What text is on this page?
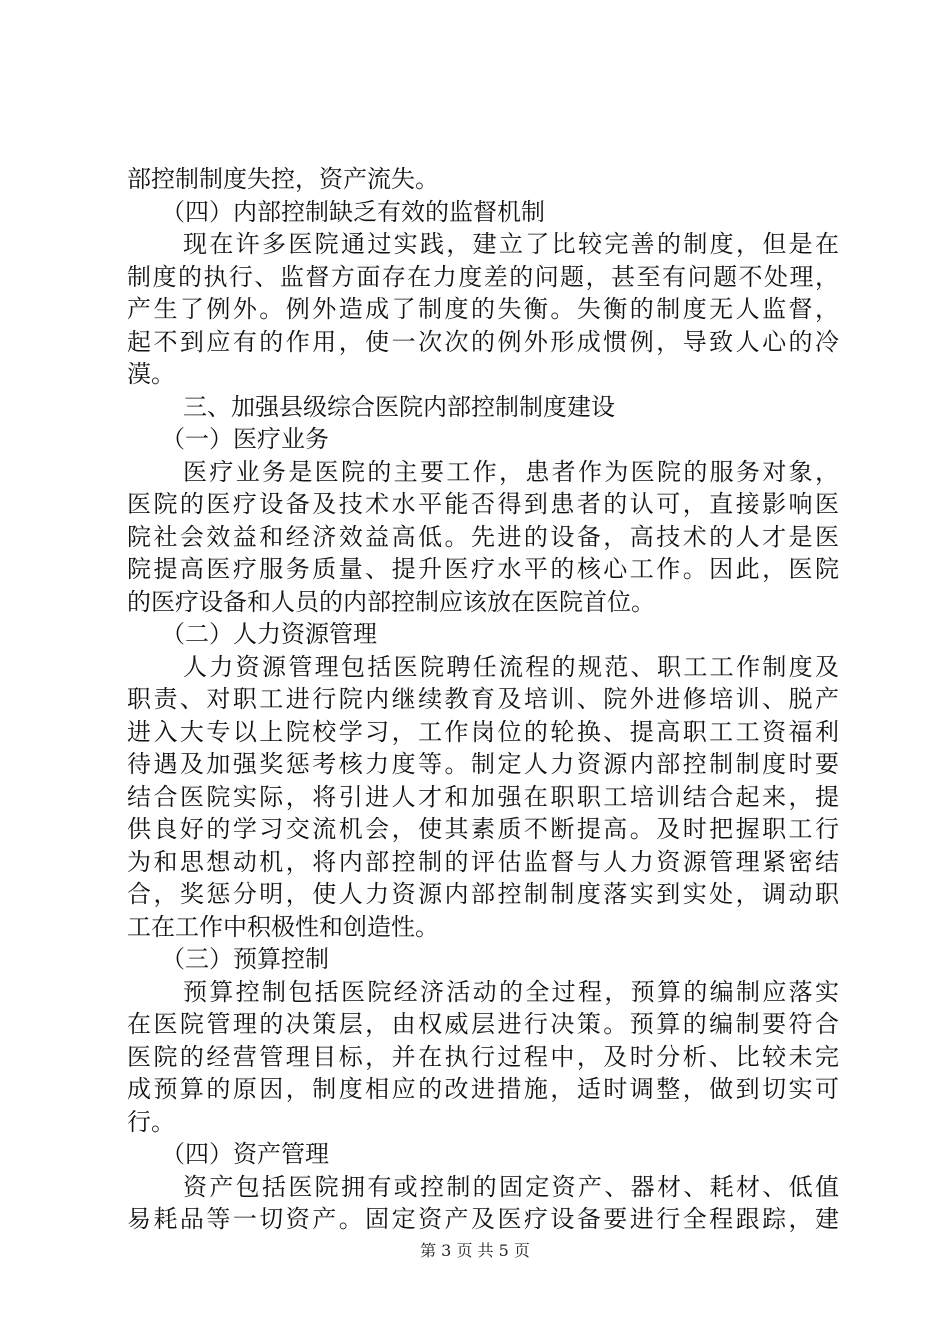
部控制制度失控，资产流失。
（四）内部控制缺乏有效的监督机制
现在许多医院通过实践，建立了比较完善的制度，但是在
制度的执行、监督方面存在力度差的问题，甚至有问题不处理，
产生了例外。例外造成了制度的失衡。失衡的制度无人监督，
起不到应有的作用，使一次次的例外形成惯例，导致人心的冷
漠。
三、加强县级综合医院内部控制制度建设
（一）医疗业务
医疗业务是医院的主要工作，患者作为医院的服务对象，
医院的医疗设备及技术水平能否得到患者的认可，直接影响医
院社会效益和经济效益高低。先进的设备，高技术的人才是医
院提高医疗服务质量、提升医疗水平的核心工作。因此，医院
的医疗设备和人员的内部控制应该放在医院首位。
（二）人力资源管理
人力资源管理包括医院聘任流程的规范、职工工作制度及
职责、对职工进行院内继续教育及培训、院外进修培训、脱产
进入大专以上院校学习，工作岗位的轮换、提高职工工资福利
待遇及加强奖惩考核力度等。制定人力资源内部控制制度时要
结合医院实际，将引进人才和加强在职职工培训结合起来，提
供良好的学习交流机会，使其素质不断提高。及时把握职工行
为和思想动机，将内部控制的评估监督与人力资源管理紧密结
合，奖惩分明，使人力资源内部控制制度落实到实处，调动职
工在工作中积极性和创造性。
（三）预算控制
预算控制包括医院经济活动的全过程，预算的编制应落实
在医院管理的决策层，由权威层进行决策。预算的编制要符合
医院的经营管理目标，并在执行过程中，及时分析、比较未完
成预算的原因，制度相应的改进措施，适时调整，做到切实可
行。
（四）资产管理
资产包括医院拥有或控制的固定资产、器材、耗材、低值
易耗品等一切资产。固定资产及医疗设备要进行全程跟踪，建
第 3 页 共 5 页
